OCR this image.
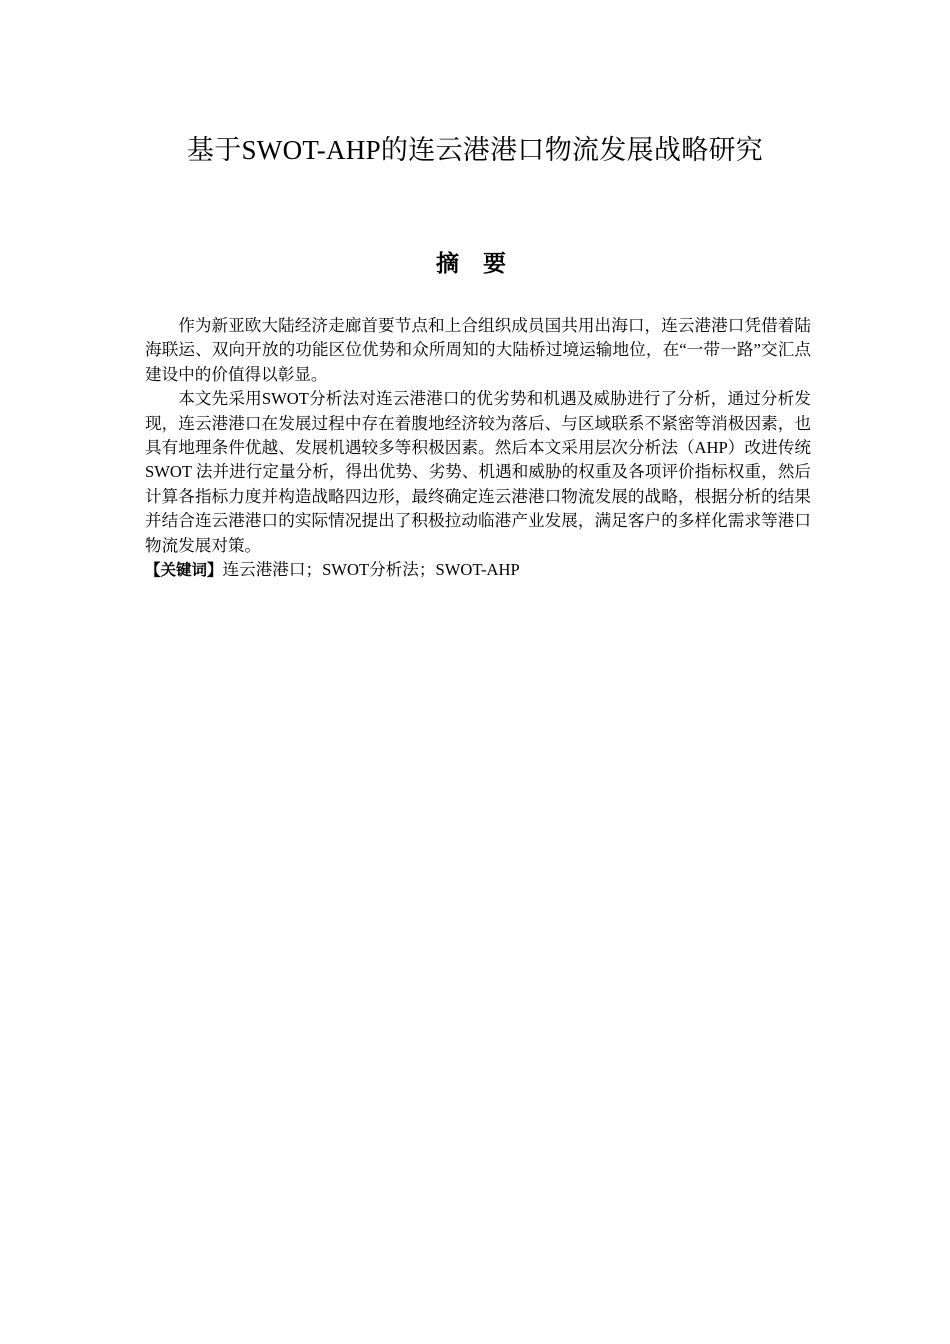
基于SWOT-AHP的连云港港口物流发展战略研究
摘 要

作为新亚欧大陆经济走廊首要节点和上合组织成员国共用出海口，连云港港口凭借着陆海联运、双向开放的功能区位优势和众所周知的大陆桥过境运输地位，在“一带一路”交汇点建设中的价值得以彰显。

本文先采用SWOT分析法对连云港港口的优劣势和机遇及威胁进行了分析，通过分析发现，连云港港口在发展过程中存在着腹地经济较为落后、与区域联系不紧密等消极因素，也具有地理条件优越、发展机遇较多等积极因素。然后本文采用层次分析法（AHP）改进传统 SWOT 法并进行定量分析，得出优势、劣势、机遇和威胁的权重及各项评价指标权重，然后计算各指标力度并构造战略四边形，最终确定连云港港口物流发展的战略，根据分析的结果并结合连云港港口的实际情况提出了积极拉动临港产业发展，满足客户的多样化需求等港口物流发展对策。

【关键词】连云港港口；SWOT分析法；SWOT-AHP
